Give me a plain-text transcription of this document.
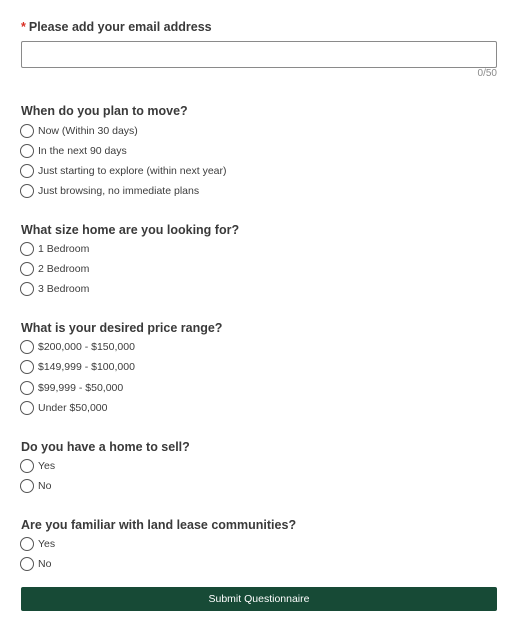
* Please add your email address
0/50
When do you plan to move?
Now (Within 30 days)
In the next 90 days
Just starting to explore (within next year)
Just browsing, no immediate plans
What size home are you looking for?
1 Bedroom
2 Bedroom
3 Bedroom
What is your desired price range?
$200,000 - $150,000
$149,999 - $100,000
$99,999 - $50,000
Under $50,000
Do you have a home to sell?
Yes
No
Are you familiar with land lease communities?
Yes
No
Submit Questionnaire
